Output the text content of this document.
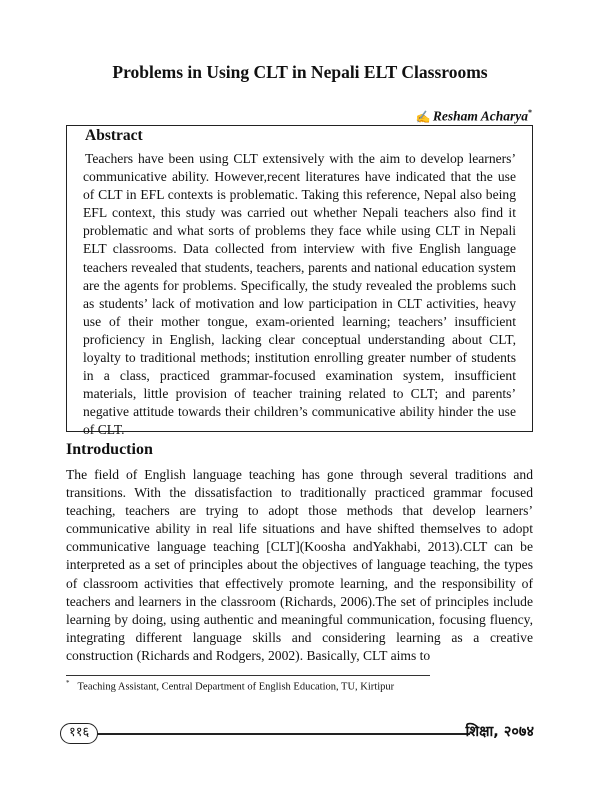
Problems in Using CLT in Nepali ELT Classrooms
✍ Resham Acharya*
Abstract
Teachers have been using CLT extensively with the aim to develop learners’ communicative ability. However,recent literatures have indicated that the use of CLT in EFL contexts is problematic. Taking this reference, Nepal also being EFL context, this study was carried out whether Nepali teachers also find it problematic and what sorts of problems they face while using CLT in Nepali ELT classrooms. Data collected from interview with five English language teachers revealed that students, teachers, parents and national education system are the agents for problems. Specifically, the study revealed the problems such as students’ lack of motivation and low participation in CLT activities, heavy use of their mother tongue, exam-oriented learning; teachers’ insufficient proficiency in English, lacking clear conceptual understanding about CLT, loyalty to traditional methods; institution enrolling greater number of students in a class, practiced grammar-focused examination system, insufficient materials, little provision of teacher training related to CLT; and parents’ negative attitude towards their children’s communicative ability hinder the use of CLT.
Introduction
The field of English language teaching has gone through several traditions and transitions. With the dissatisfaction to traditionally practiced grammar focused teaching, teachers are trying to adopt those methods that develop learners’ communicative ability in real life situations and have shifted themselves to adopt communicative language teaching [CLT](Koosha andYakhabi, 2013).CLT can be interpreted as a set of principles about the objectives of language teaching, the types of classroom activities that effectively promote learning, and the responsibility of teachers and learners in the classroom (Richards, 2006).The set of principles include learning by doing, using authentic and meaningful communication, focusing fluency, integrating different language skills and considering learning as a creative construction (Richards and Rodgers, 2002). Basically, CLT aims to
* Teaching Assistant, Central Department of English Education, TU, Kirtipur
११६	शिक्षा, २०७४
